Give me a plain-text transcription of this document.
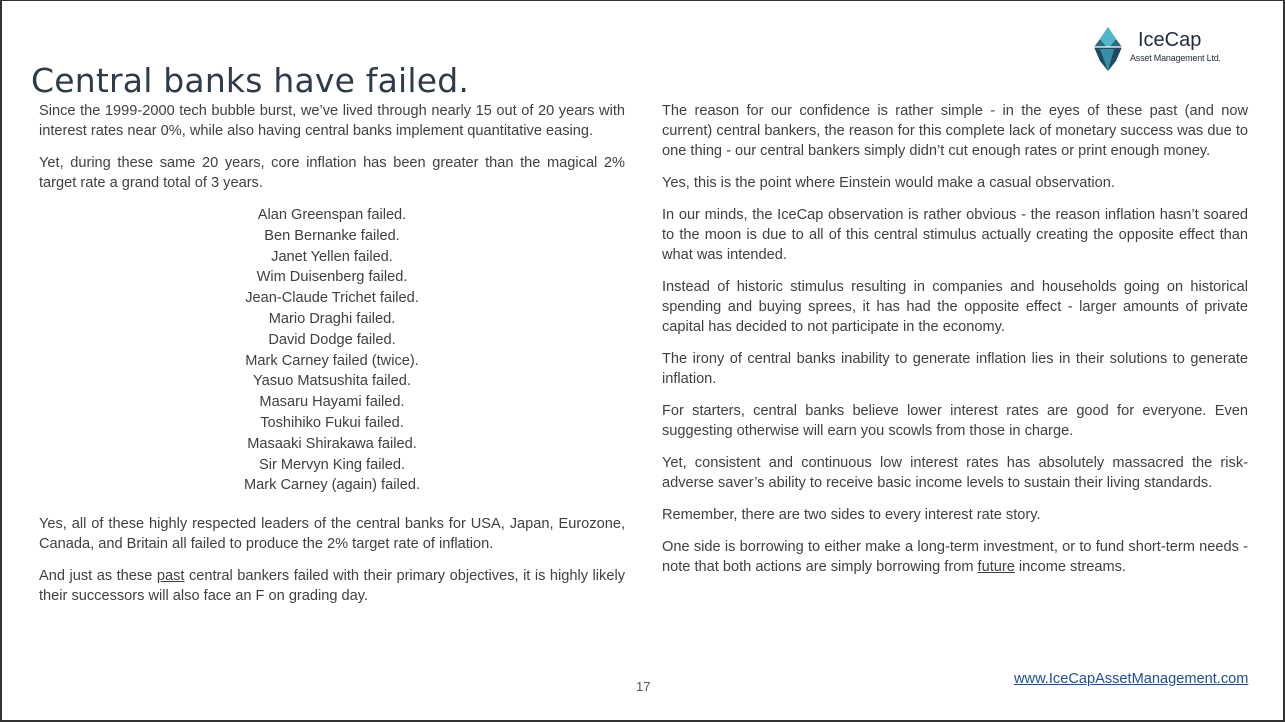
Central banks have failed.
IceCap
Asset Management Ltd.

Since the 1999-2000 tech bubble burst, we’ve lived through nearly 15 out of 20 years with interest rates near 0%, while also having central banks implement quantitative easing.

Yet, during these same 20 years, core inflation has been greater than the magical 2% target rate a grand total of 3 years.

Alan Greenspan failed.
Ben Bernanke failed.
Janet Yellen failed.
Wim Duisenberg failed.
Jean-Claude Trichet failed.
Mario Draghi failed.
David Dodge failed.
Mark Carney failed (twice).
Yasuo Matsushita failed.
Masaru Hayami failed.
Toshihiko Fukui failed.
Masaaki Shirakawa failed.
Sir Mervyn King failed.
Mark Carney (again) failed.

Yes, all of these highly respected leaders of the central banks for USA, Japan, Eurozone, Canada, and Britain all failed to produce the 2% target rate of inflation.

And just as these past central bankers failed with their primary objectives, it is highly likely their successors will also face an F on grading day.

The reason for our confidence is rather simple - in the eyes of these past (and now current) central bankers, the reason for this complete lack of monetary success was due to one thing - our central bankers simply didn’t cut enough rates or print enough money.

Yes, this is the point where Einstein would make a casual observation.

In our minds, the IceCap observation is rather obvious - the reason inflation hasn’t soared to the moon is due to all of this central stimulus actually creating the opposite effect than what was intended.

Instead of historic stimulus resulting in companies and households going on historical spending and buying sprees, it has had the opposite effect - larger amounts of private capital has decided to not participate in the economy.

The irony of central banks inability to generate inflation lies in their solutions to generate inflation.

For starters, central banks believe lower interest rates are good for everyone. Even suggesting otherwise will earn you scowls from those in charge.

Yet, consistent and continuous low interest rates has absolutely massacred the risk-adverse saver’s ability to receive basic income levels to sustain their living standards.

Remember, there are two sides to every interest rate story.

One side is borrowing to either make a long-term investment, or to fund short-term needs - note that both actions are simply borrowing from future income streams.

17	www.IceCapAssetManagement.com
